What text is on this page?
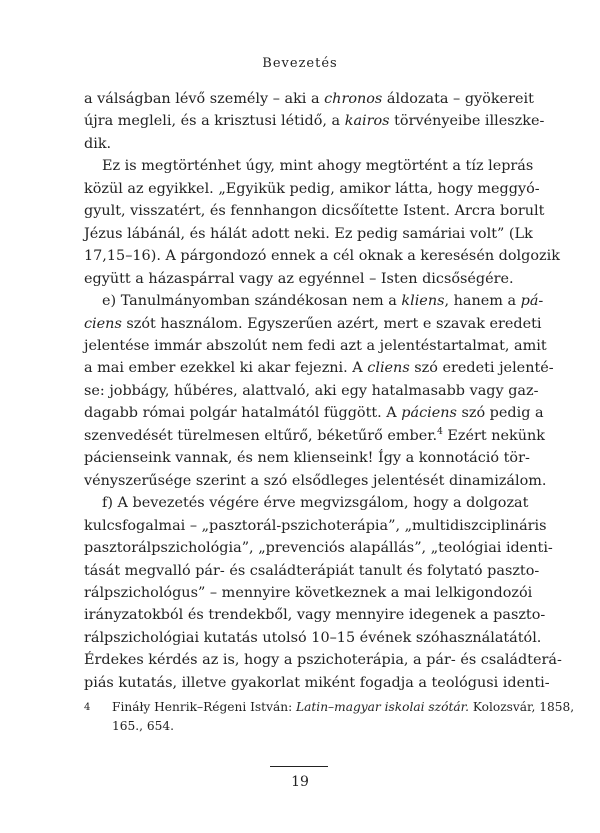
Bevezetés
a válságban lévő személy – aki a chronos áldozata – gyökereit
újra megleli, és a krisztusi létidő, a kairos törvényeibe illeszke-
dik.
Ez is megtörténhet úgy, mint ahogy megtörtént a tíz leprás
közül az egyikkel. „Egyikük pedig, amikor látta, hogy meggyó-
gyult, visszatért, és fennhangon dicsőítette Istent. Arcra borult
Jézus lábánál, és hálát adott neki. Ez pedig samáriai volt” (Lk
17,15–16). A párgondozó ennek a cél oknak a keresésén dolgozik
együtt a házaspárral vagy az egyénnel – Isten dicsőségére.
e) Tanulmányomban szándékosan nem a kliens, hanem a pá-
ciens szót használom. Egyszerűen azért, mert e szavak eredeti
jelentése immár abszolút nem fedi azt a jelentéstartalmat, amit
a mai ember ezekkel ki akar fejezni. A cliens szó eredeti jelenté-
se: jobbágy, hűbéres, alattvaló, aki egy hatalmasabb vagy gaz-
dagabb római polgár hatalmától függött. A páciens szó pedig a
szenvedését türelmesen eltűrő, béketűrő ember.$^4$ Ezért nekünk
pácienseink vannak, és nem klienseink! Így a konnotáció tör-
vényszerűsége szerint a szó elsődleges jelentését dinamizálom.
f) A bevezetés végére érve megvizsgálom, hogy a dolgozat
kulcsfogalmai – „pasztorál-pszichoterápia”, „multidiszciplináris
pasztorálpszichológia”, „prevenciós alapállás”, „teológiai identi-
tását megvalló pár- és családterápiát tanult és folytató paszto-
rálpszichológus” – mennyire következnek a mai lelkigondozói
irányzatokból és trendekből, vagy mennyire idegenek a paszto-
rálpszichológiai kutatás utolsó 10–15 évének szóhasználatától.
Érdekes kérdés az is, hogy a pszichoterápia, a pár- és családterá-
piás kutatás, illetve gyakorlat miként fogadja a teológusi identi-
4	Fináły Henrik–Régeni István: Latin–magyar iskolai szótár. Kolozsvár, 1858,
165., 654.
19
